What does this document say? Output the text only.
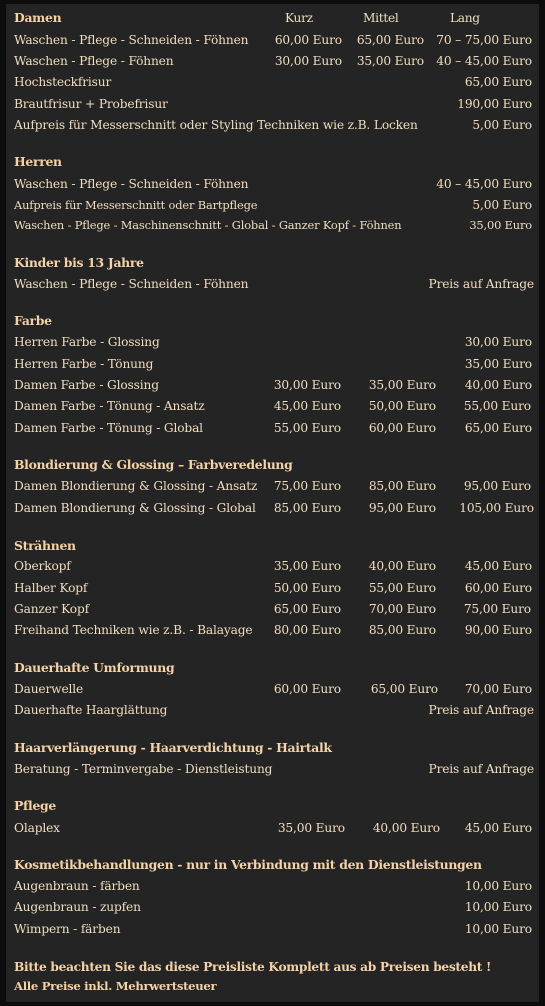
Damen	Kurz	Mittel	Lang
Waschen - Pflege - Schneiden - Föhnen 60,00 Euro 65,00 Euro 70 – 75,00 Euro
Waschen - Pflege - Föhnen	30,00 Euro 35,00 Euro 40 – 45,00 Euro
Hochsteckfrisur	65,00 Euro
Brautfrisur + Probefrisur	190,00 Euro
Aufpreis für Messerschnitt oder Styling Techniken wie z.B. Locken	5,00 Euro
Herren
Waschen - Pflege - Schneiden - Föhnen	40 – 45,00 Euro
Aufpreis für Messerschnitt oder Bartpflege	5,00 Euro
Waschen - Pflege - Maschinenschnitt - Global - Ganzer Kopf - Föhnen	35,00 Euro
Kinder bis 13 Jahre
Waschen - Pflege - Schneiden - Föhnen	Preis auf Anfrage
Farbe
Herren Farbe - Glossing	30,00 Euro
Herren Farbe - Tönung	35,00 Euro
Damen Farbe - Glossing	30,00 Euro 35,00 Euro 40,00 Euro
Damen Farbe - Tönung - Ansatz	45,00 Euro 50,00 Euro 55,00 Euro
Damen Farbe - Tönung - Global	55,00 Euro 60,00 Euro 65,00 Euro
Blondierung & Glossing – Farbveredelung
Damen Blondierung & Glossing - Ansatz 75,00 Euro 85,00 Euro 95,00 Euro
Damen Blondierung & Glossing - Global 85,00 Euro 95,00 Euro 105,00 Euro
Strähnen
Oberkopf	35,00 Euro 40,00 Euro 45,00 Euro
Halber Kopf	50,00 Euro 55,00 Euro 60,00 Euro
Ganzer Kopf	65,00 Euro 70,00 Euro 75,00 Euro
Freihand Techniken wie z.B. - Balayage 80,00 Euro 85,00 Euro 90,00 Euro
Dauerhafte Umformung
Dauerwelle	60,00 Euro 65,00 Euro 70,00 Euro
Dauerhafte Haarglättung	Preis auf Anfrage
Haarverlängerung - Haarverdichtung - Hairtalk
Beratung - Terminvergabe - Dienstleistung	Preis auf Anfrage
Pflege
Olaplex	35,00 Euro 40,00 Euro 45,00 Euro
Kosmetikbehandlungen - nur in Verbindung mit den Dienstleistungen
Augenbraun - färben	10,00 Euro
Augenbraun - zupfen	10,00 Euro
Wimpern - färben	10,00 Euro
Bitte beachten Sie das diese Preisliste Komplett aus ab Preisen besteht !
Alle Preise inkl. Mehrwertsteuer
